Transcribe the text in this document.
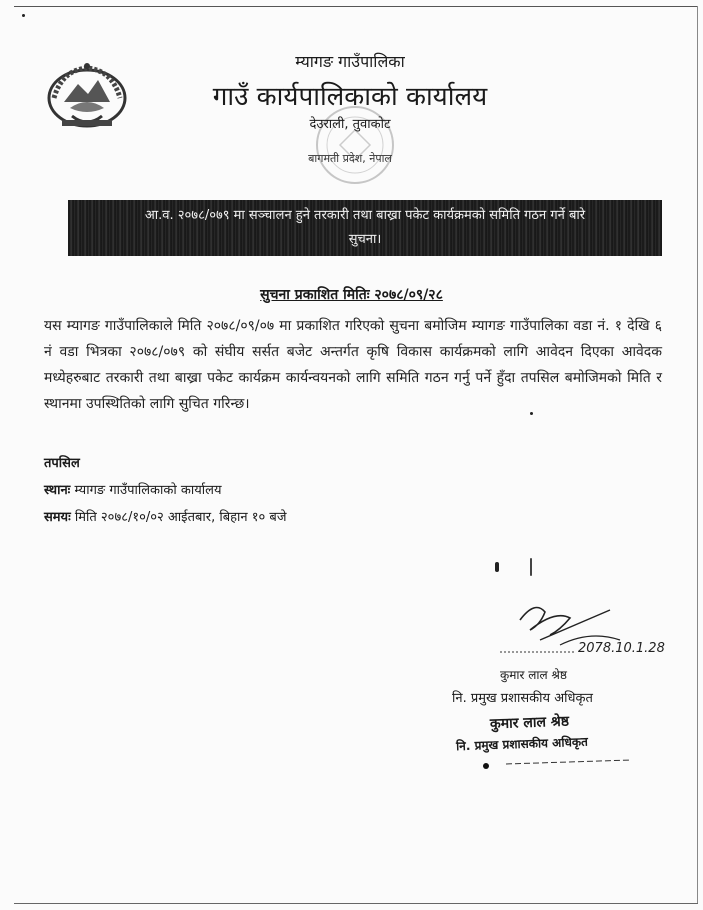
म्यागङ गाउँपालिका
गाउँ कार्यपालिकाको कार्यालय
देउराली, तुवाकोट
बागमती प्रदेश, नेपाल
आ.व. २०७८/०७९ मा सञ्चालन हुने तरकारी तथा बाख्रा पकेट कार्यक्रमको समिति गठन गर्ने बारे
सुचना।
सुचना प्रकाशित मितिः २०७८/०९/२८
यस म्यागङ गाउँपालिकाले मिति २०७८/०९/०७ मा प्रकाशित गरिएको सुचना बमोजिम म्यागङ गाउँपालिका वडा नं. १ देखि ६ नं वडा भित्रका २०७८/०७९ को संघीय सर्सत बजेट अन्तर्गत कृषि विकास कार्यक्रमको लागि आवेदन दिएका आवेदक मध्येहरुबाट तरकारी तथा बाख्रा पकेट कार्यक्रम कार्यन्वयनको लागि समिति गठन गर्नु पर्ने हुँदा तपसिल बमोजिमको मिति र स्थानमा उपस्थितिको लागि सुचित गरिन्छ।
तपसिल
स्थानः म्यागङ गाउँपालिकाको कार्यालय
समयः मिति २०७८/१०/०२ आईतबार, बिहान १० बजे
2078.10.1.28
कुमार लाल श्रेष्ठ
नि. प्रमुख प्रशासकीय अधिकृत
कुमार लाल श्रेष्ठ
नि. प्रमुख प्रशासकीय अधिकृत
